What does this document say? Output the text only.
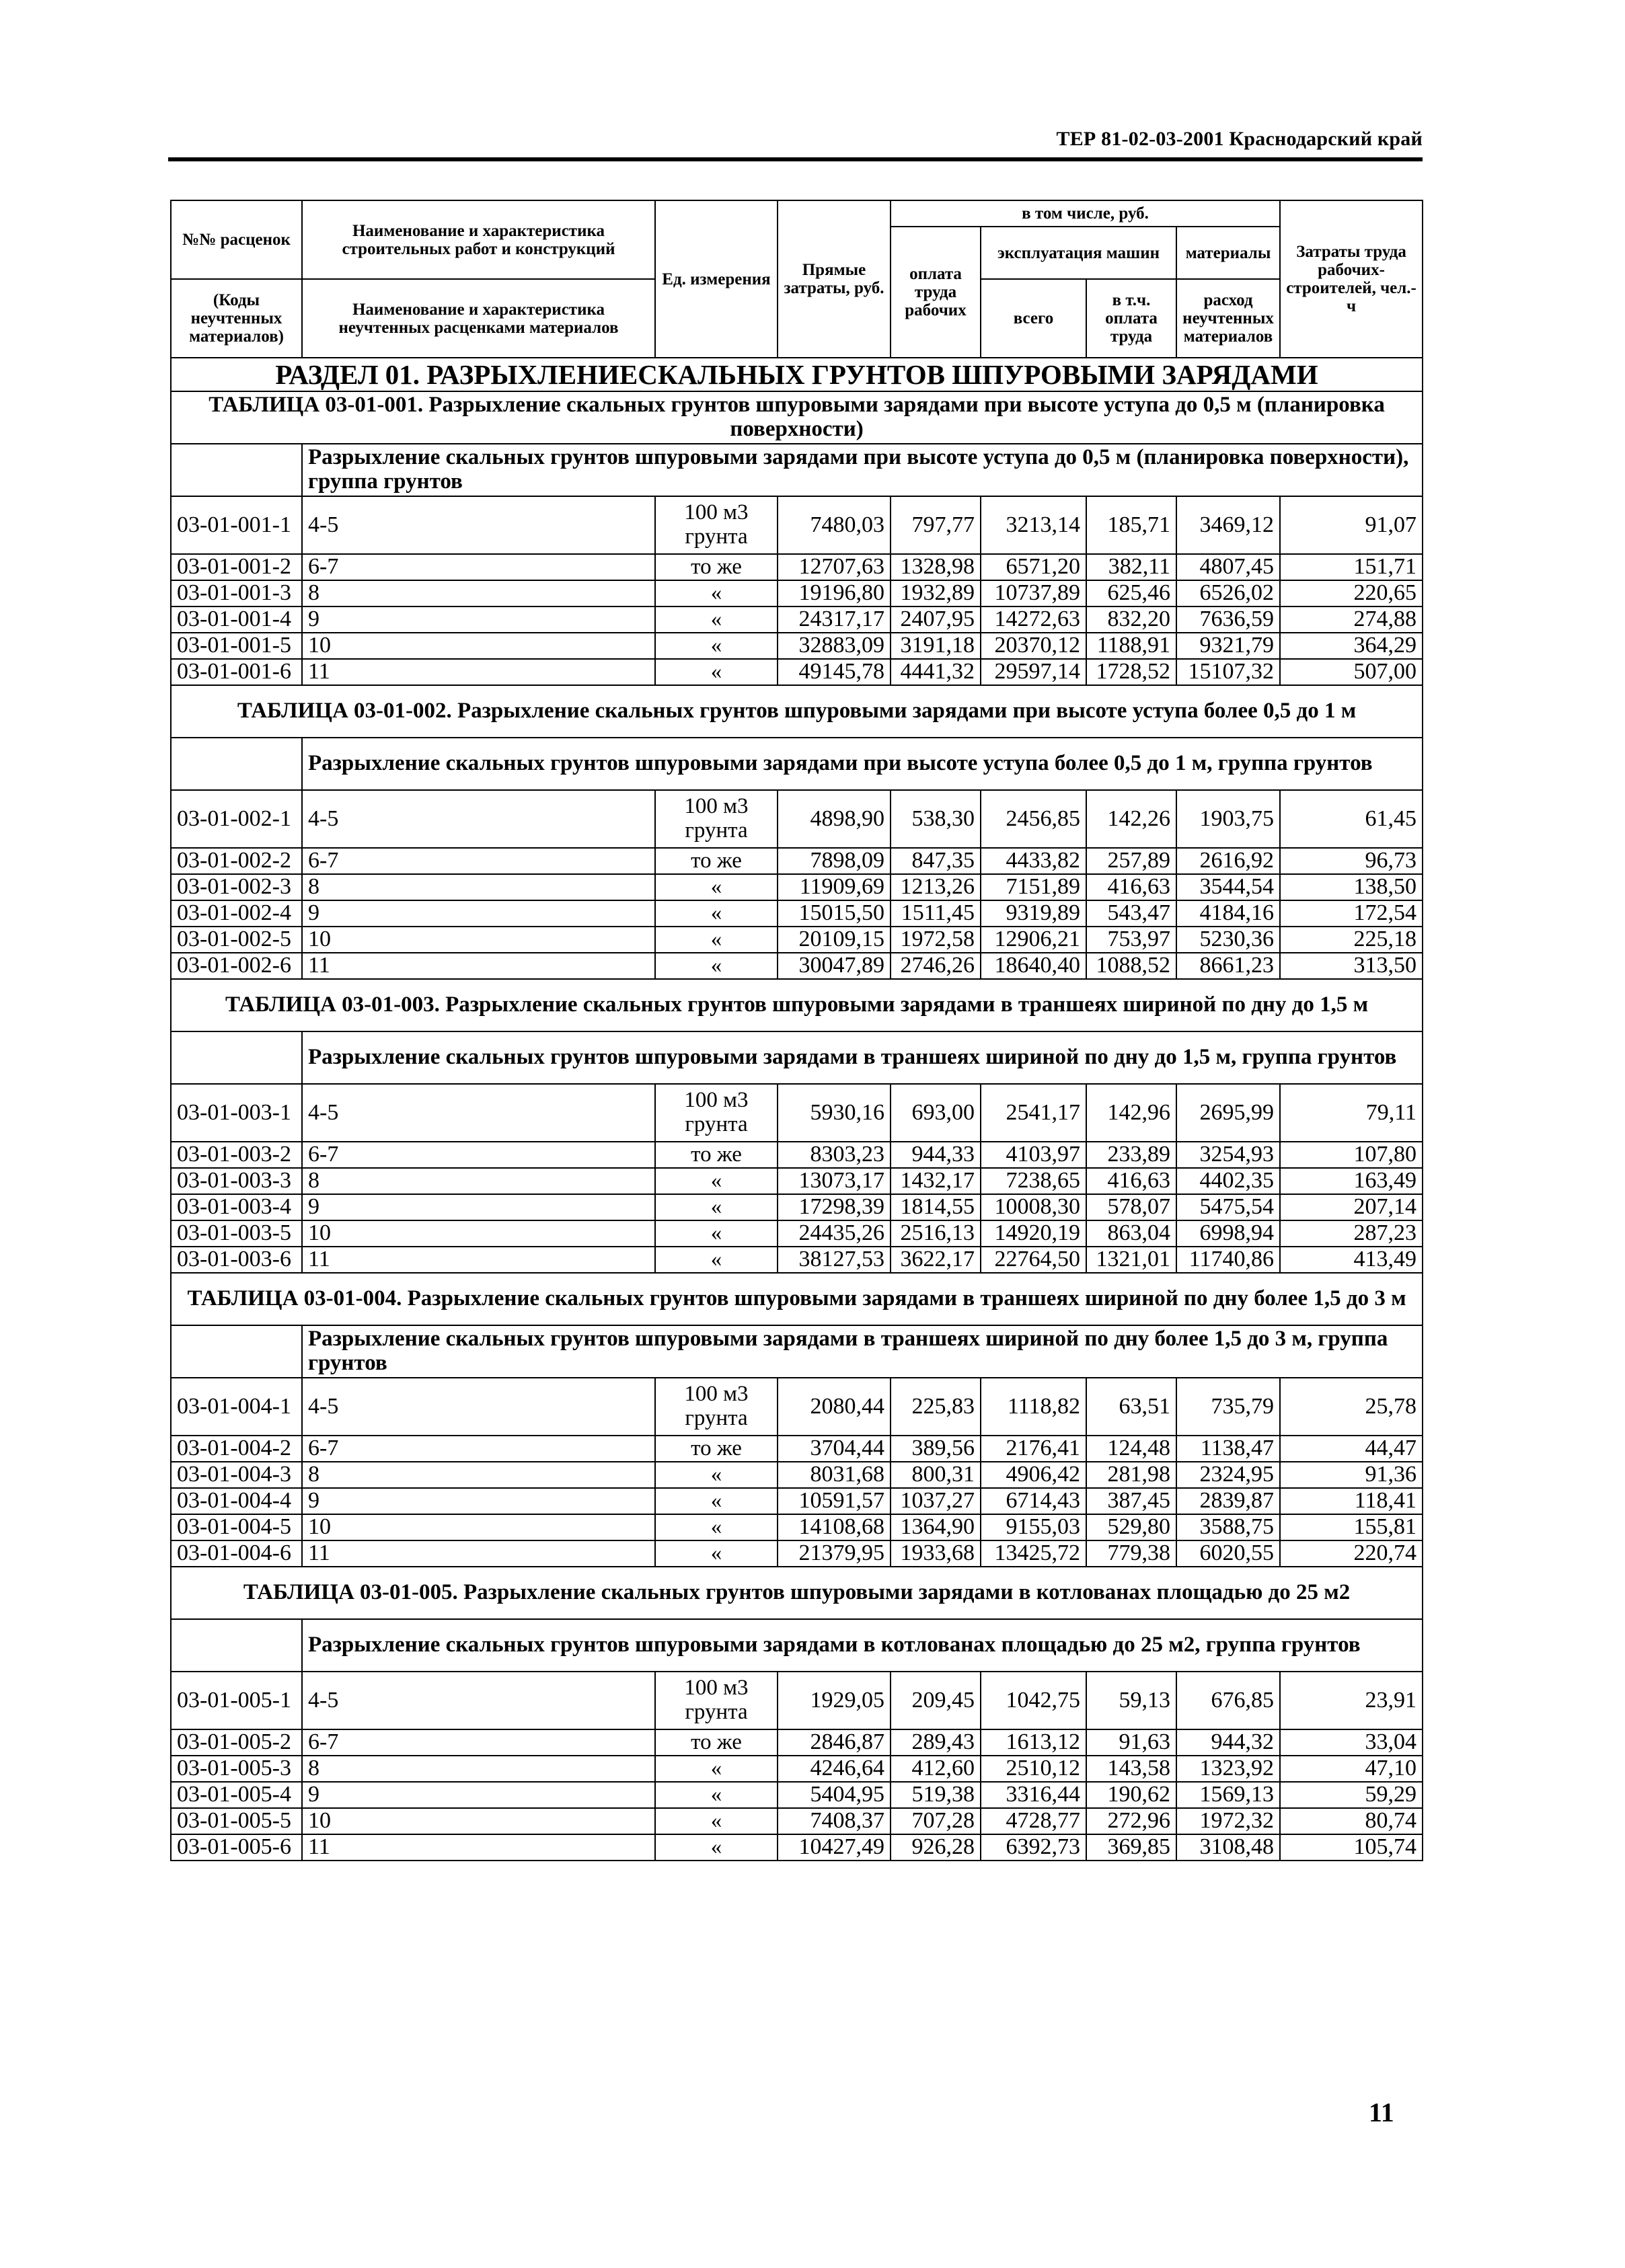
ТЕР 81-02-03-2001 Краснодарский край
№№ расценок	Наименование и характеристика строительных работ и конструкций	Ед. измерения	Прямые затраты, руб.	в том числе, руб.				Затраты труда рабочих-строителей, чел.-ч
				оплата труда рабочих	эксплуатация машин		материалы	

(Коды неучтенных материалов)	Наименование и характеристика неучтенных расценками материалов				всего	в т.ч. оплата труда	расход неучтенных материалов	

РАЗДЕЛ 01. РАЗРЫХЛЕНИЕСКАЛЬНЫХ ГРУНТОВ ШПУРОВЫМИ ЗАРЯДАМИ								
ТАБЛИЦА 03-01-001. Разрыхление скальных грунтов шпуровыми зарядами при высоте уступа до 0,5 м (планировка поверхности)								
	Разрыхление скальных грунтов шпуровыми зарядами при высоте уступа до 0,5 м (планировка поверхности), группа грунтов							
03-01-001-1	4-5	100 м3 грунта	7480,03	797,77	3213,14	185,71	3469,12	91,07
03-01-001-2	6-7	то же	12707,63	1328,98	6571,20	382,11	4807,45	151,71
03-01-001-3	8	«	19196,80	1932,89	10737,89	625,46	6526,02	220,65
03-01-001-4	9	«	24317,17	2407,95	14272,63	832,20	7636,59	274,88
03-01-001-5	10	«	32883,09	3191,18	20370,12	1188,91	9321,79	364,29
03-01-001-6	11	«	49145,78	4441,32	29597,14	1728,52	15107,32	507,00
ТАБЛИЦА 03-01-002. Разрыхление скальных грунтов шпуровыми зарядами при высоте уступа более 0,5 до 1 м								
	Разрыхление скальных грунтов шпуровыми зарядами при высоте уступа более 0,5 до 1 м, группа грунтов							
03-01-002-1	4-5	100 м3 грунта	4898,90	538,30	2456,85	142,26	1903,75	61,45
03-01-002-2	6-7	то же	7898,09	847,35	4433,82	257,89	2616,92	96,73
03-01-002-3	8	«	11909,69	1213,26	7151,89	416,63	3544,54	138,50
03-01-002-4	9	«	15015,50	1511,45	9319,89	543,47	4184,16	172,54
03-01-002-5	10	«	20109,15	1972,58	12906,21	753,97	5230,36	225,18
03-01-002-6	11	«	30047,89	2746,26	18640,40	1088,52	8661,23	313,50
ТАБЛИЦА 03-01-003. Разрыхление скальных грунтов шпуровыми зарядами в траншеях шириной по дну до 1,5 м								
	Разрыхление скальных грунтов шпуровыми зарядами в траншеях шириной по дну до 1,5 м, группа грунтов							
03-01-003-1	4-5	100 м3 грунта	5930,16	693,00	2541,17	142,96	2695,99	79,11
03-01-003-2	6-7	то же	8303,23	944,33	4103,97	233,89	3254,93	107,80
03-01-003-3	8	«	13073,17	1432,17	7238,65	416,63	4402,35	163,49
03-01-003-4	9	«	17298,39	1814,55	10008,30	578,07	5475,54	207,14
03-01-003-5	10	«	24435,26	2516,13	14920,19	863,04	6998,94	287,23
03-01-003-6	11	«	38127,53	3622,17	22764,50	1321,01	11740,86	413,49
ТАБЛИЦА 03-01-004. Разрыхление скальных грунтов шпуровыми зарядами в траншеях шириной по дну более 1,5 до 3 м								
	Разрыхление скальных грунтов шпуровыми зарядами в траншеях шириной по дну более 1,5 до 3 м, группа грунтов							
03-01-004-1	4-5	100 м3 грунта	2080,44	225,83	1118,82	63,51	735,79	25,78
03-01-004-2	6-7	то же	3704,44	389,56	2176,41	124,48	1138,47	44,47
03-01-004-3	8	«	8031,68	800,31	4906,42	281,98	2324,95	91,36
03-01-004-4	9	«	10591,57	1037,27	6714,43	387,45	2839,87	118,41
03-01-004-5	10	«	14108,68	1364,90	9155,03	529,80	3588,75	155,81
03-01-004-6	11	«	21379,95	1933,68	13425,72	779,38	6020,55	220,74
ТАБЛИЦА 03-01-005. Разрыхление скальных грунтов шпуровыми зарядами в котлованах площадью до 25 м2								
	Разрыхление скальных грунтов шпуровыми зарядами в котлованах площадью до 25 м2, группа грунтов							
03-01-005-1	4-5	100 м3 грунта	1929,05	209,45	1042,75	59,13	676,85	23,91
03-01-005-2	6-7	то же	2846,87	289,43	1613,12	91,63	944,32	33,04
03-01-005-3	8	«	4246,64	412,60	2510,12	143,58	1323,92	47,10
03-01-005-4	9	«	5404,95	519,38	3316,44	190,62	1569,13	59,29
03-01-005-5	10	«	7408,37	707,28	4728,77	272,96	1972,32	80,74
03-01-005-6	11	«	10427,49	926,28	6392,73	369,85	3108,48	105,74
11
